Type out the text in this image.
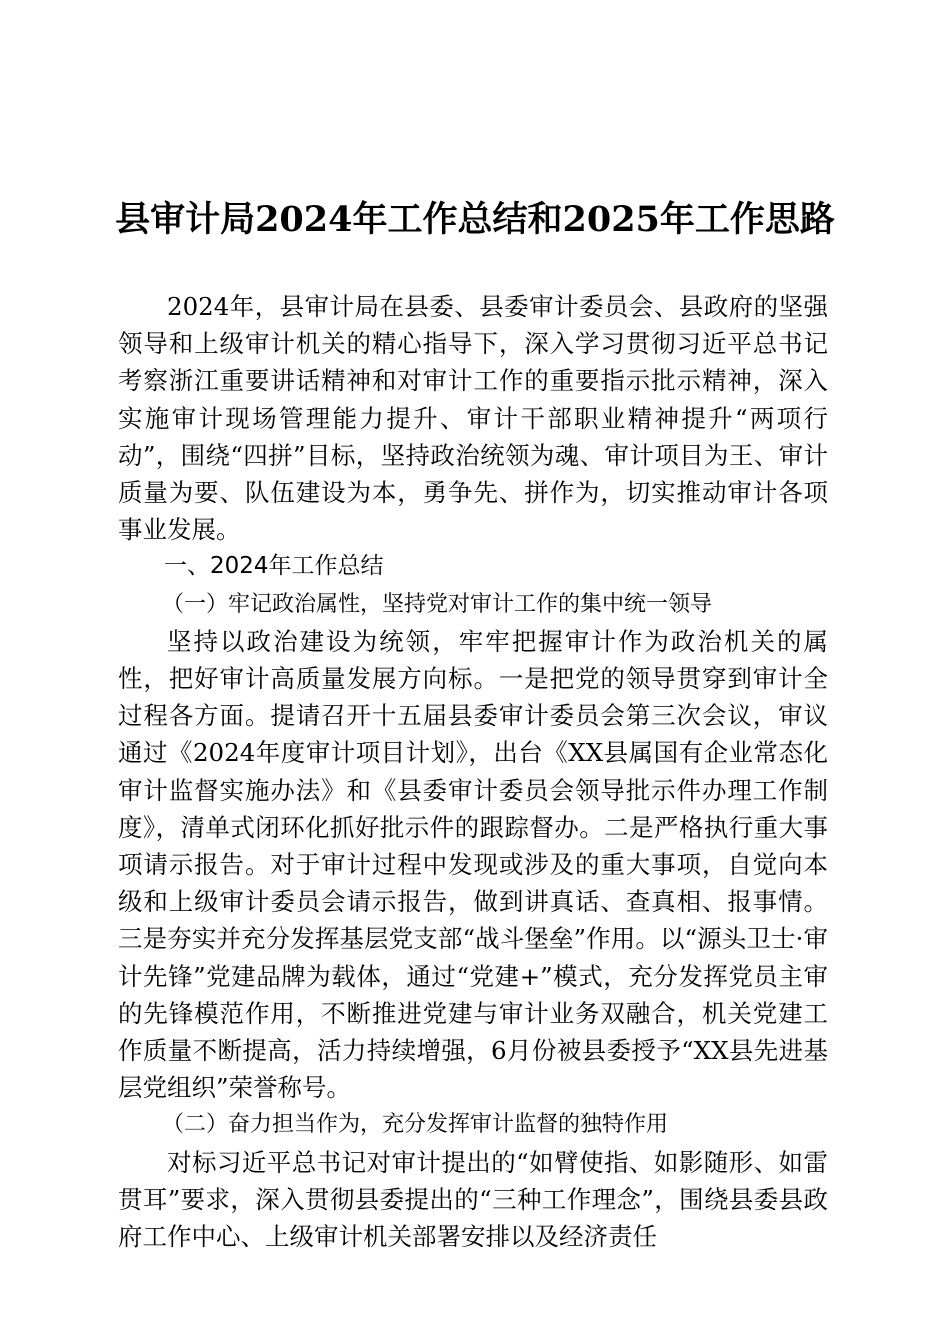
县审计局2024年工作总结和2025年工作思路

2024年，县审计局在县委、县委审计委员会、县政府的坚强领导和上级审计机关的精心指导下，深入学习贯彻习近平总书记考察浙江重要讲话精神和对审计工作的重要指示批示精神，深入实施审计现场管理能力提升、审计干部职业精神提升“两项行动”，围绕“四拼”目标，坚持政治统领为魂、审计项目为王、审计质量为要、队伍建设为本，勇争先、拼作为，切实推动审计各项事业发展。

一、2024年工作总结

（一）牢记政治属性，坚持党对审计工作的集中统一领导

坚持以政治建设为统领，牢牢把握审计作为政治机关的属性，把好审计高质量发展方向标。一是把党的领导贯穿到审计全过程各方面。提请召开十五届县委审计委员会第三次会议，审议通过《2024年度审计项目计划》，出台《XX县属国有企业常态化审计监督实施办法》和《县委审计委员会领导批示件办理工作制度》，清单式闭环化抓好批示件的跟踪督办。二是严格执行重大事项请示报告。对于审计过程中发现或涉及的重大事项，自觉向本级和上级审计委员会请示报告，做到讲真话、查真相、报事情。三是夯实并充分发挥基层党支部“战斗堡垒”作用。以“源头卫士·审计先锋”党建品牌为载体，通过“党建+”模式，充分发挥党员主审的先锋模范作用，不断推进党建与审计业务双融合，机关党建工作质量不断提高，活力持续增强，6月份被县委授予“XX县先进基层党组织”荣誉称号。

（二）奋力担当作为，充分发挥审计监督的独特作用

对标习近平总书记对审计提出的“如臂使指、如影随形、如雷贯耳”要求，深入贯彻县委提出的“三种工作理念”，围绕县委县政府工作中心、上级审计机关部署安排以及经济责任
